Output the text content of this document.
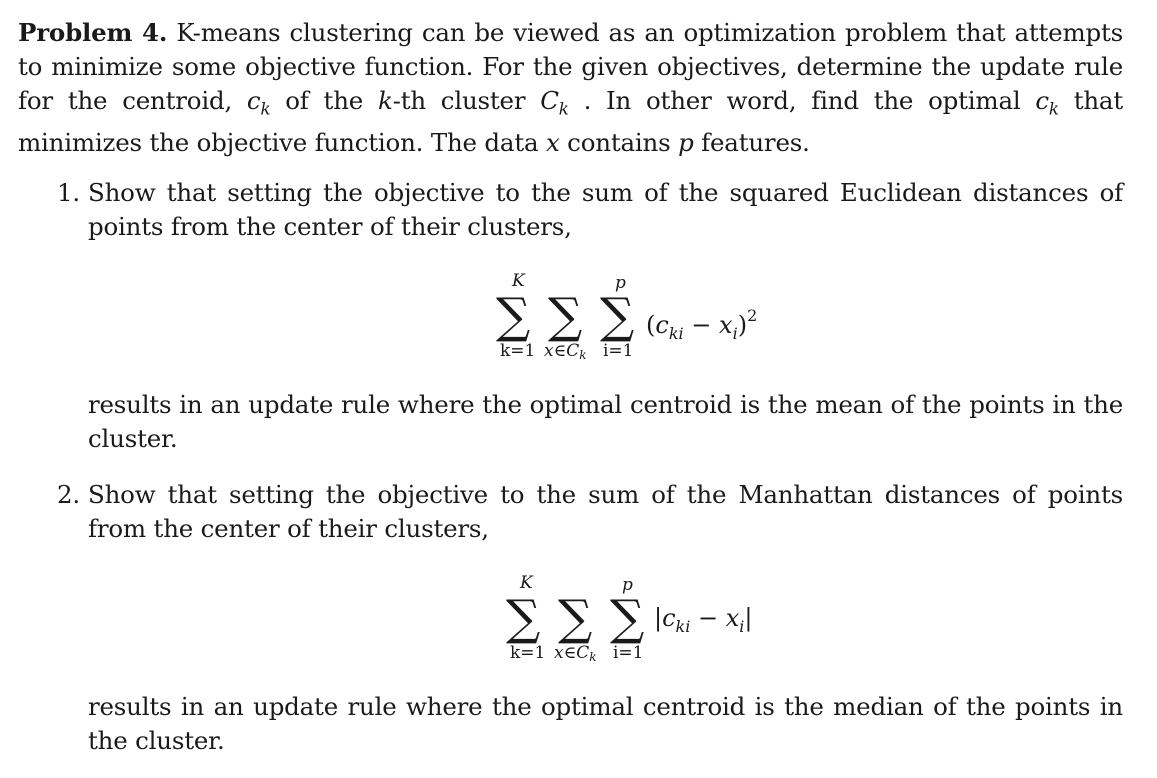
Problem 4. K-means clustering can be viewed as an optimization problem that attempts to minimize some objective function. For the given objectives, determine the update rule for the centroid, $c_k$ of the k-th cluster $C_k$ . In other word, find the optimal $c_k$ that minimizes the objective function. The data x contains p features.
1. Show that setting the objective to the sum of the squared Euclidean distances of points from the center of their clusters,
K
∑
k=1
∑
x∈Ck
p
∑
i=1
$(c_{ki} - x_i)^2$
results in an update rule where the optimal centroid is the mean of the points in the cluster.
2. Show that setting the objective to the sum of the Manhattan distances of points from the center of their clusters,
K
∑
k=1
∑
x∈Ck
p
∑
i=1
$|c_{ki} - x_i|$
results in an update rule where the optimal centroid is the median of the points in the cluster.
